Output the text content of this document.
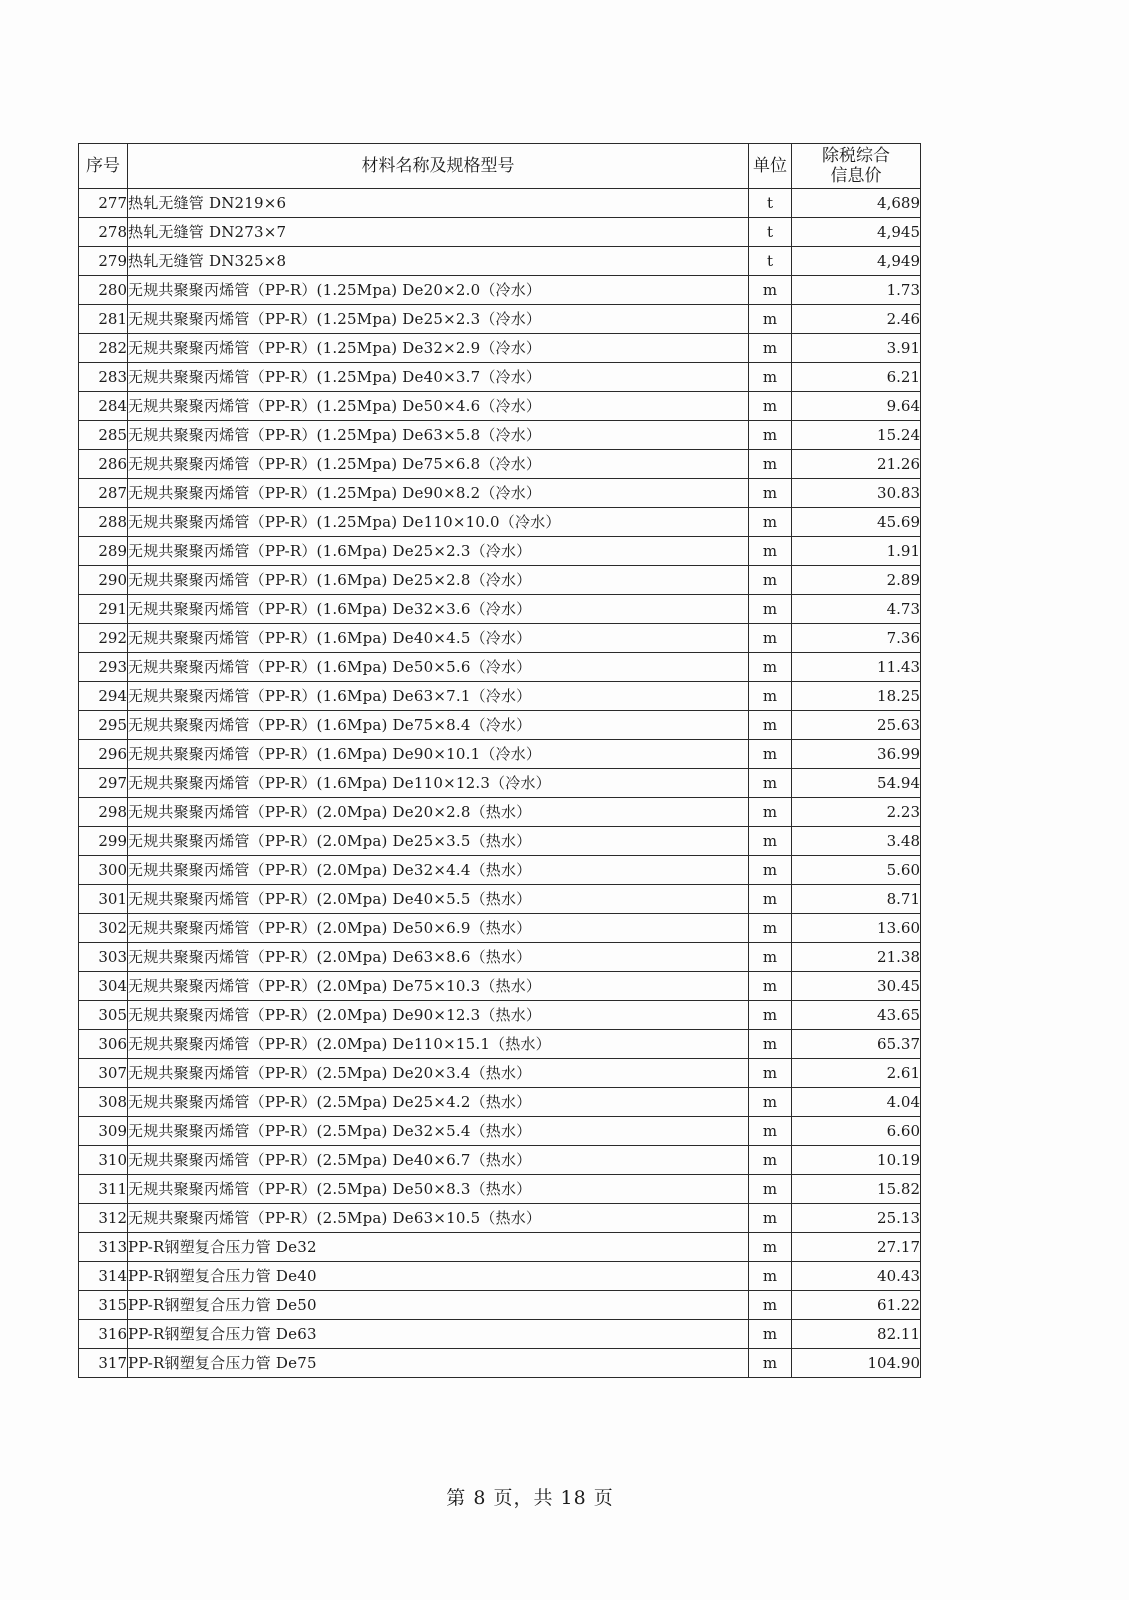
序号	材料名称及规格型号	单位	除税综合
信息价

277	热轧无缝管 DN219×6	t	4,689
278	热轧无缝管 DN273×7	t	4,945
279	热轧无缝管 DN325×8	t	4,949
280	无规共聚聚丙烯管（PP-R）(1.25Mpa) De20×2.0（冷水）	m	1.73
281	无规共聚聚丙烯管（PP-R）(1.25Mpa) De25×2.3（冷水）	m	2.46
282	无规共聚聚丙烯管（PP-R）(1.25Mpa) De32×2.9（冷水）	m	3.91
283	无规共聚聚丙烯管（PP-R）(1.25Mpa) De40×3.7（冷水）	m	6.21
284	无规共聚聚丙烯管（PP-R）(1.25Mpa) De50×4.6（冷水）	m	9.64
285	无规共聚聚丙烯管（PP-R）(1.25Mpa) De63×5.8（冷水）	m	15.24
286	无规共聚聚丙烯管（PP-R）(1.25Mpa) De75×6.8（冷水）	m	21.26
287	无规共聚聚丙烯管（PP-R）(1.25Mpa) De90×8.2（冷水）	m	30.83
288	无规共聚聚丙烯管（PP-R）(1.25Mpa) De110×10.0（冷水）	m	45.69
289	无规共聚聚丙烯管（PP-R）(1.6Mpa) De25×2.3（冷水）	m	1.91
290	无规共聚聚丙烯管（PP-R）(1.6Mpa) De25×2.8（冷水）	m	2.89
291	无规共聚聚丙烯管（PP-R）(1.6Mpa) De32×3.6（冷水）	m	4.73
292	无规共聚聚丙烯管（PP-R）(1.6Mpa) De40×4.5（冷水）	m	7.36
293	无规共聚聚丙烯管（PP-R）(1.6Mpa) De50×5.6（冷水）	m	11.43
294	无规共聚聚丙烯管（PP-R）(1.6Mpa) De63×7.1（冷水）	m	18.25
295	无规共聚聚丙烯管（PP-R）(1.6Mpa) De75×8.4（冷水）	m	25.63
296	无规共聚聚丙烯管（PP-R）(1.6Mpa) De90×10.1（冷水）	m	36.99
297	无规共聚聚丙烯管（PP-R）(1.6Mpa) De110×12.3（冷水）	m	54.94
298	无规共聚聚丙烯管（PP-R）(2.0Mpa) De20×2.8（热水）	m	2.23
299	无规共聚聚丙烯管（PP-R）(2.0Mpa) De25×3.5（热水）	m	3.48
300	无规共聚聚丙烯管（PP-R）(2.0Mpa) De32×4.4（热水）	m	5.60
301	无规共聚聚丙烯管（PP-R）(2.0Mpa) De40×5.5（热水）	m	8.71
302	无规共聚聚丙烯管（PP-R）(2.0Mpa) De50×6.9（热水）	m	13.60
303	无规共聚聚丙烯管（PP-R）(2.0Mpa) De63×8.6（热水）	m	21.38
304	无规共聚聚丙烯管（PP-R）(2.0Mpa) De75×10.3（热水）	m	30.45
305	无规共聚聚丙烯管（PP-R）(2.0Mpa) De90×12.3（热水）	m	43.65
306	无规共聚聚丙烯管（PP-R）(2.0Mpa) De110×15.1（热水）	m	65.37
307	无规共聚聚丙烯管（PP-R）(2.5Mpa) De20×3.4（热水）	m	2.61
308	无规共聚聚丙烯管（PP-R）(2.5Mpa) De25×4.2（热水）	m	4.04
309	无规共聚聚丙烯管（PP-R）(2.5Mpa) De32×5.4（热水）	m	6.60
310	无规共聚聚丙烯管（PP-R）(2.5Mpa) De40×6.7（热水）	m	10.19
311	无规共聚聚丙烯管（PP-R）(2.5Mpa) De50×8.3（热水）	m	15.82
312	无规共聚聚丙烯管（PP-R）(2.5Mpa) De63×10.5（热水）	m	25.13
313	PP-R钢塑复合压力管 De32	m	27.17
314	PP-R钢塑复合压力管 De40	m	40.43
315	PP-R钢塑复合压力管 De50	m	61.22
316	PP-R钢塑复合压力管 De63	m	82.11
317	PP-R钢塑复合压力管 De75	m	104.90
第 8 页，共 18 页
